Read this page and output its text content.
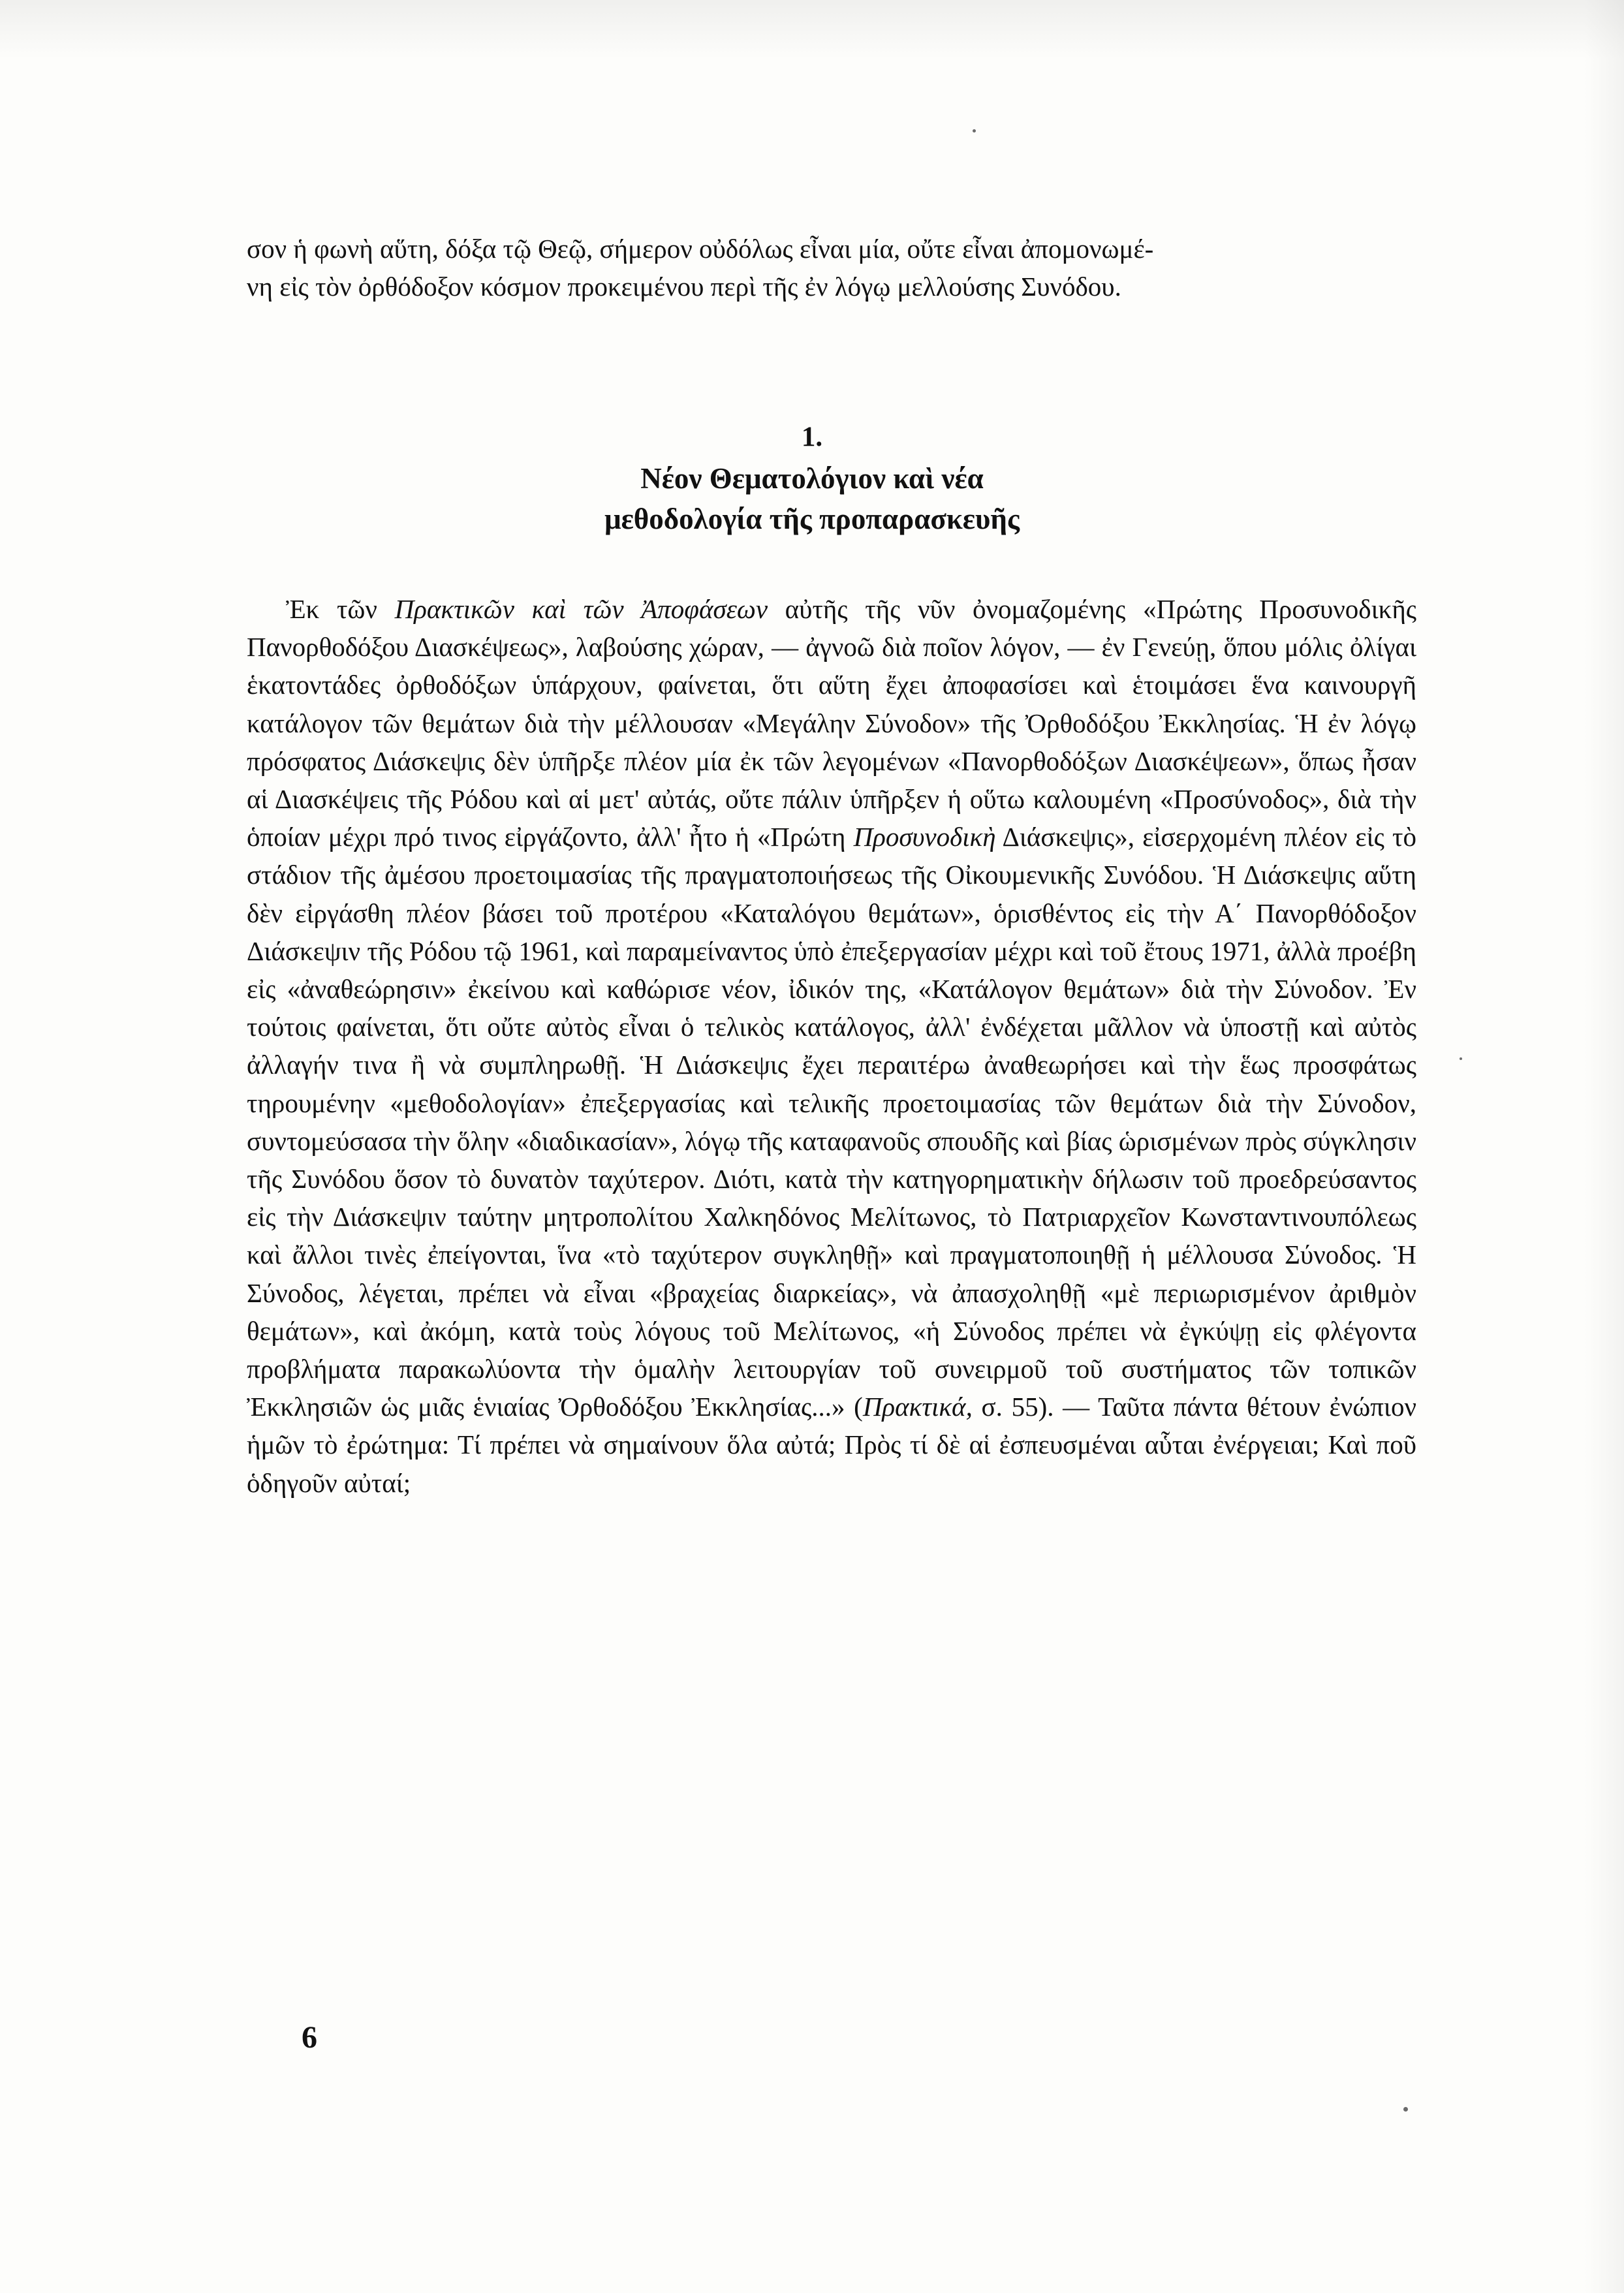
σον ἡ φωνὴ αὕτη, δόξα τῷ Θεῷ, σήμερον οὐδόλως εἶναι μία, οὔτε εἶναι ἀπομονωμέ-
νη εἰς τὸν ὀρθόδοξον κόσμον προκειμένου περὶ τῆς ἐν λόγῳ μελλούσης Συνόδου.

1.

Νέον Θεματολόγιον καὶ νέα
μεθοδολογία τῆς προπαρασκευῆς

Ἐκ τῶν Πρακτικῶν καὶ τῶν Ἀποφάσεων αὐτῆς τῆς νῦν ὀνομαζομένης «Πρώτης Προσυνοδικῆς Πανορθοδόξου Διασκέψεως», λαβούσης χώραν, — ἀγνοῶ διὰ ποῖον λόγον, — ἐν Γενεύῃ, ὅπου μόλις ὀλίγαι ἑκατοντάδες ὀρθοδόξων ὑπάρχουν, φαίνεται, ὅτι αὕτη ἔχει ἀποφασίσει καὶ ἑτοιμάσει ἕνα καινουργῆ κατάλογον τῶν θεμάτων διὰ τὴν μέλλουσαν «Μεγάλην Σύνοδον» τῆς Ὀρθοδόξου Ἐκκλησίας. Ἡ ἐν λόγῳ πρόσφατος Διάσκεψις δὲν ὑπῆρξε πλέον μία ἐκ τῶν λεγομένων «Πανορθοδόξων Διασκέψεων», ὅπως ἦσαν αἱ Διασκέψεις τῆς Ρόδου καὶ αἱ μετ' αὐτάς, οὔτε πάλιν ὑπῆρξεν ἡ οὕτω καλουμένη «Προσύνοδος», διὰ τὴν ὁποίαν μέχρι πρό τινος εἰργάζοντο, ἀλλ' ἦτο ἡ «Πρώτη Προσυνοδικὴ Διάσκεψις», εἰσερχομένη πλέον εἰς τὸ στάδιον τῆς ἀμέσου προετοιμασίας τῆς πραγματοποιήσεως τῆς Οἰκουμενικῆς Συνόδου. Ἡ Διάσκεψις αὕτη δὲν εἰργάσθη πλέον βάσει τοῦ προτέρου «Καταλόγου θεμάτων», ὁρισθέντος εἰς τὴν Α΄ Πανορθόδοξον Διάσκεψιν τῆς Ρόδου τῷ 1961, καὶ παραμείναντος ὑπὸ ἐπεξεργασίαν μέχρι καὶ τοῦ ἔτους 1971, ἀλλὰ προέβη εἰς «ἀναθεώρησιν» ἐκείνου καὶ καθώρισε νέον, ἰδικόν της, «Κατάλογον θεμάτων» διὰ τὴν Σύνοδον. Ἐν τούτοις φαίνεται, ὅτι οὔτε αὐτὸς εἶναι ὁ τελικὸς κατάλογος, ἀλλ' ἐνδέχεται μᾶλλον νὰ ὑποστῇ καὶ αὐτὸς ἀλλαγήν τινα ἢ νὰ συμπληρωθῇ. Ἡ Διάσκεψις ἔχει περαιτέρω ἀναθεωρήσει καὶ τὴν ἕως προσφάτως τηρουμένην «μεθοδολογίαν» ἐπεξεργασίας καὶ τελικῆς προετοιμασίας τῶν θεμάτων διὰ τὴν Σύνοδον, συντομεύσασα τὴν ὅλην «διαδικασίαν», λόγῳ τῆς καταφανοῦς σπουδῆς καὶ βίας ὡρισμένων πρὸς σύγκλησιν τῆς Συνόδου ὅσον τὸ δυνατὸν ταχύτερον. Διότι, κατὰ τὴν κατηγορηματικὴν δήλωσιν τοῦ προεδρεύσαντος εἰς τὴν Διάσκεψιν ταύτην μητροπολίτου Χαλκηδόνος Μελίτωνος, τὸ Πατριαρχεῖον Κωνσταντινουπόλεως καὶ ἄλλοι τινὲς ἐπείγονται, ἵνα «τὸ ταχύτερον συγκληθῇ» καὶ πραγματοποιηθῇ ἡ μέλλουσα Σύνοδος. Ἡ Σύνοδος, λέγεται, πρέπει νὰ εἶναι «βραχείας διαρκείας», νὰ ἀπασχοληθῇ «μὲ περιωρισμένον ἀριθμὸν θεμάτων», καὶ ἀκόμη, κατὰ τοὺς λόγους τοῦ Μελίτωνος, «ἡ Σύνοδος πρέπει νὰ ἐγκύψῃ εἰς φλέγοντα προβλήματα παρακωλύοντα τὴν ὁμαλὴν λειτουργίαν τοῦ συνειρμοῦ τοῦ συστήματος τῶν τοπικῶν Ἐκκλησιῶν ὡς μιᾶς ἑνιαίας Ὀρθοδόξου Ἐκκλησίας...» (Πρακτικά, σ. 55). — Ταῦτα πάντα θέτουν ἐνώπιον ἡμῶν τὸ ἐρώτημα: Τί πρέπει νὰ σημαίνουν ὅλα αὐτά; Πρὸς τί δὲ αἱ ἐσπευσμέναι αὗται ἐνέργειαι; Καὶ ποῦ ὁδηγοῦν αὐταί;

6
